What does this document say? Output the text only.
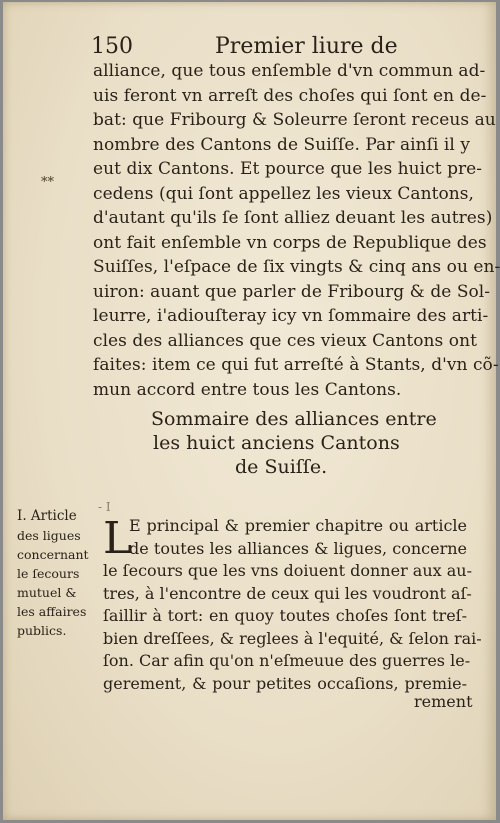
150	Premier liure de
alliance, que tous enſemble d'vn commun ad-
uis feront vn arreſt des choſes qui ſont en de-
bat: que Fribourg & Soleurre ſeront receus au
nombre des Cantons de Suiſſe. Par ainſi il y
eut dix Cantons. Et pource que les huict pre-
cedens (qui ſont appellez les vieux Cantons,
d'autant qu'ils ſe ſont alliez deuant les autres)
ont fait enſemble vn corps de Republique des
Suiſſes, l'eſpace de ſix vingts & cinq ans ou en-
uiron: auant que parler de Fribourg & de Sol-
leurre, i'adiouſteray icy vn ſommaire des arti-
cles des alliances que ces vieux Cantons ont
faites: item ce qui fut arreſté à Stants, d'vn cõ-
mun accord entre tous les Cantons.
**
Sommaire des alliances entre
les huict anciens Cantons
de Suiſſe.
- I
I. Article
des ligues
concernant
le ſecours
mutuel &
les affaires
publics.
L
E principal & premier chapitre ou article
de toutes les alliances & ligues, concerne
le ſecours que les vns doiuent donner aux au-
tres, à l'encontre de ceux qui les voudront aſ-
ſaillir à tort: en quoy toutes choſes ſont treſ-
bien dreſſees, & reglees à l'equité, & ſelon rai-
ſon. Car afin qu'on n'eſmeuue des guerres le-
gerement, & pour petites occaſions, premie-
rement
